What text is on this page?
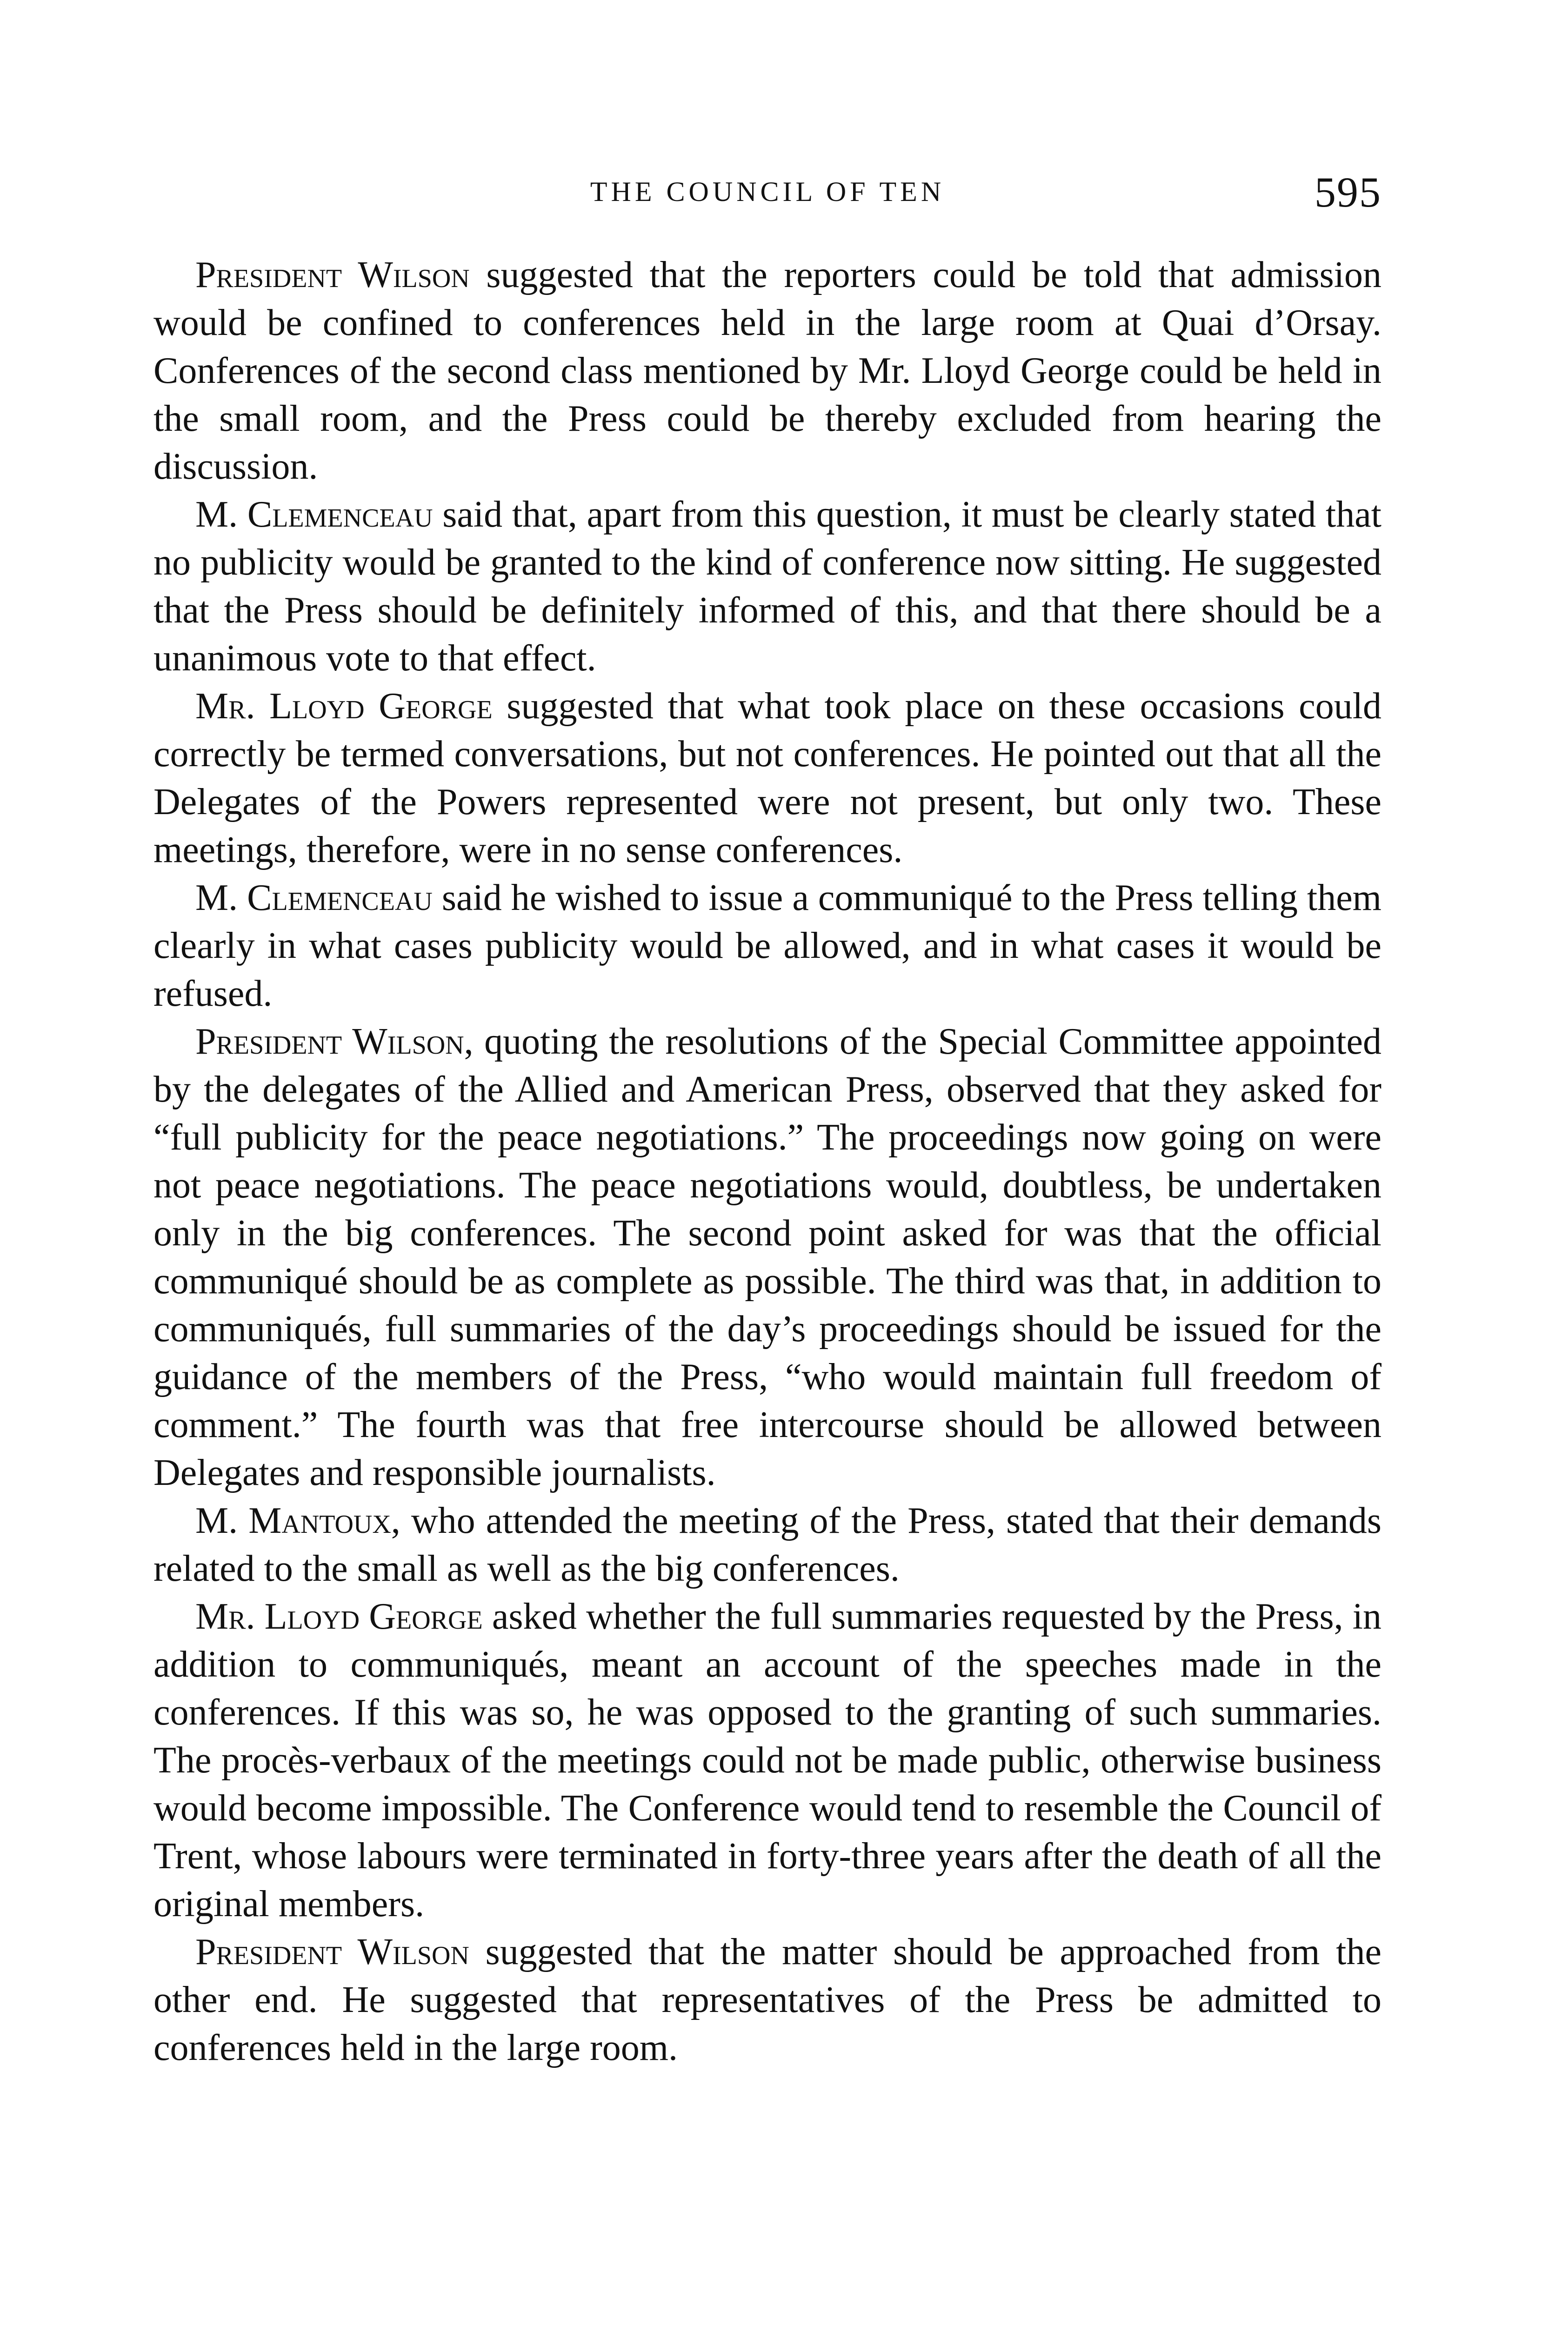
THE COUNCIL OF TEN	595

President Wilson suggested that the reporters could be told that admission would be confined to conferences held in the large room at Quai d’Orsay. Conferences of the second class mentioned by Mr. Lloyd George could be held in the small room, and the Press could be thereby excluded from hearing the discussion.

M. Clemenceau said that, apart from this question, it must be clearly stated that no publicity would be granted to the kind of conference now sitting. He suggested that the Press should be definitely informed of this, and that there should be a unanimous vote to that effect.

Mr. Lloyd George suggested that what took place on these occasions could correctly be termed conversations, but not conferences. He pointed out that all the Delegates of the Powers represented were not present, but only two. These meetings, therefore, were in no sense conferences.

M. Clemenceau said he wished to issue a communiqué to the Press telling them clearly in what cases publicity would be allowed, and in what cases it would be refused.

President Wilson, quoting the resolutions of the Special Committee appointed by the delegates of the Allied and American Press, observed that they asked for “full publicity for the peace negotiations.” The proceedings now going on were not peace negotiations. The peace negotiations would, doubtless, be undertaken only in the big conferences. The second point asked for was that the official communiqué should be as complete as possible. The third was that, in addition to communiqués, full summaries of the day’s proceedings should be issued for the guidance of the members of the Press, “who would maintain full freedom of comment.” The fourth was that free intercourse should be allowed between Delegates and responsible journalists.

M. Mantoux, who attended the meeting of the Press, stated that their demands related to the small as well as the big conferences.

Mr. Lloyd George asked whether the full summaries requested by the Press, in addition to communiqués, meant an account of the speeches made in the conferences. If this was so, he was opposed to the granting of such summaries. The procès-verbaux of the meetings could not be made public, otherwise business would become impossible. The Conference would tend to resemble the Council of Trent, whose labours were terminated in forty-three years after the death of all the original members.

President Wilson suggested that the matter should be approached from the other end. He suggested that representatives of the Press be admitted to conferences held in the large room.
